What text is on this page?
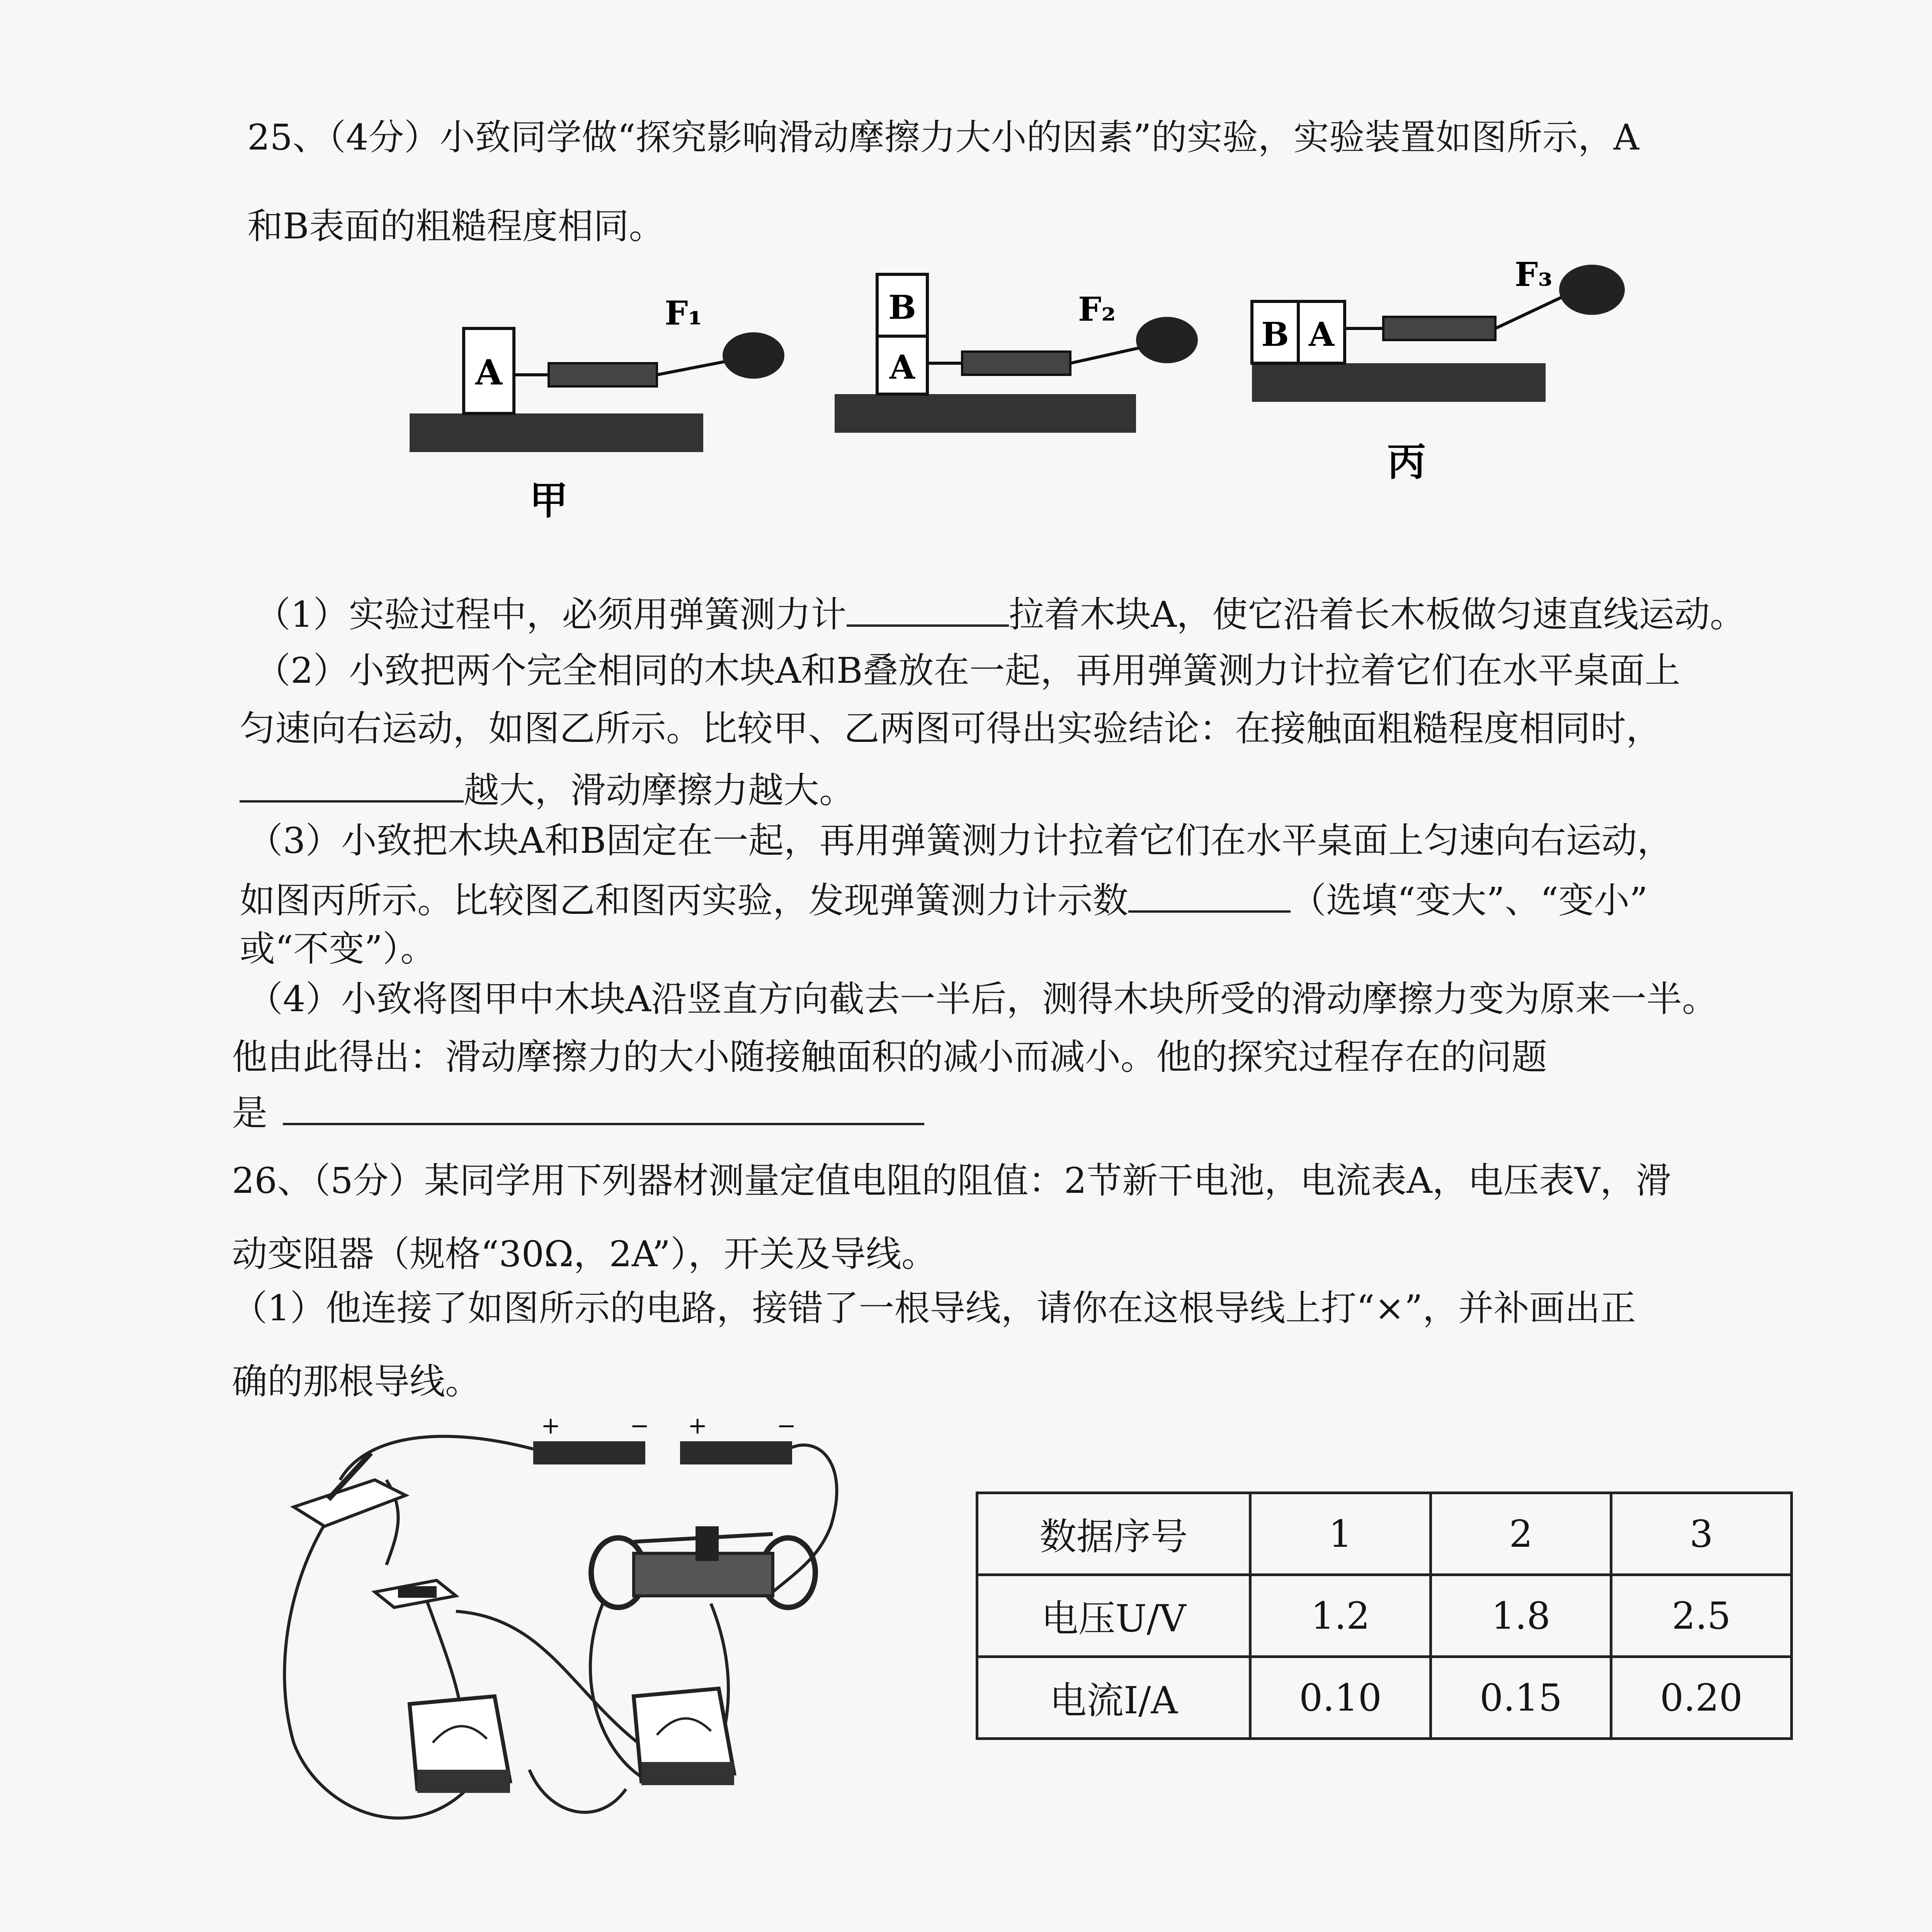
25、（4分）小致同学做“探究影响滑动摩擦力大小的因素”的实验，实验装置如图所示，A
和B表面的粗糙程度相同。
A
F₁
甲
B
A
F₂
B A
F₃
丙
（1）实验过程中，必须用弹簧测力计	拉着木块A，使它沿着长木板做匀速直线运动。
（2）小致把两个完全相同的木块A和B叠放在一起，再用弹簧测力计拉着它们在水平桌面上
匀速向右运动，如图乙所示。比较甲、乙两图可得出实验结论：在接触面粗糙程度相同时，
越大，滑动摩擦力越大。
（3）小致把木块A和B固定在一起，再用弹簧测力计拉着它们在水平桌面上匀速向右运动，
如图丙所示。比较图乙和图丙实验，发现弹簧测力计示数	（选填“变大”、“变小”
或“不变”）。
（4）小致将图甲中木块A沿竖直方向截去一半后，测得木块所受的滑动摩擦力变为原来一半。
他由此得出：滑动摩擦力的大小随接触面积的减小而减小。他的探究过程存在的问题
是
26、（5分）某同学用下列器材测量定值电阻的阻值：2节新干电池，电流表A，电压表V，滑
动变阻器（规格“30Ω，2A”），开关及导线。
（1）他连接了如图所示的电路，接错了一根导线，请你在这根导线上打“×”，并补画出正
确的那根导线。
+	− +	−
数据序号	1	2	3
电压U/V	1.2	1.8	2.5
电流I/A	0.10	0.15	0.20
